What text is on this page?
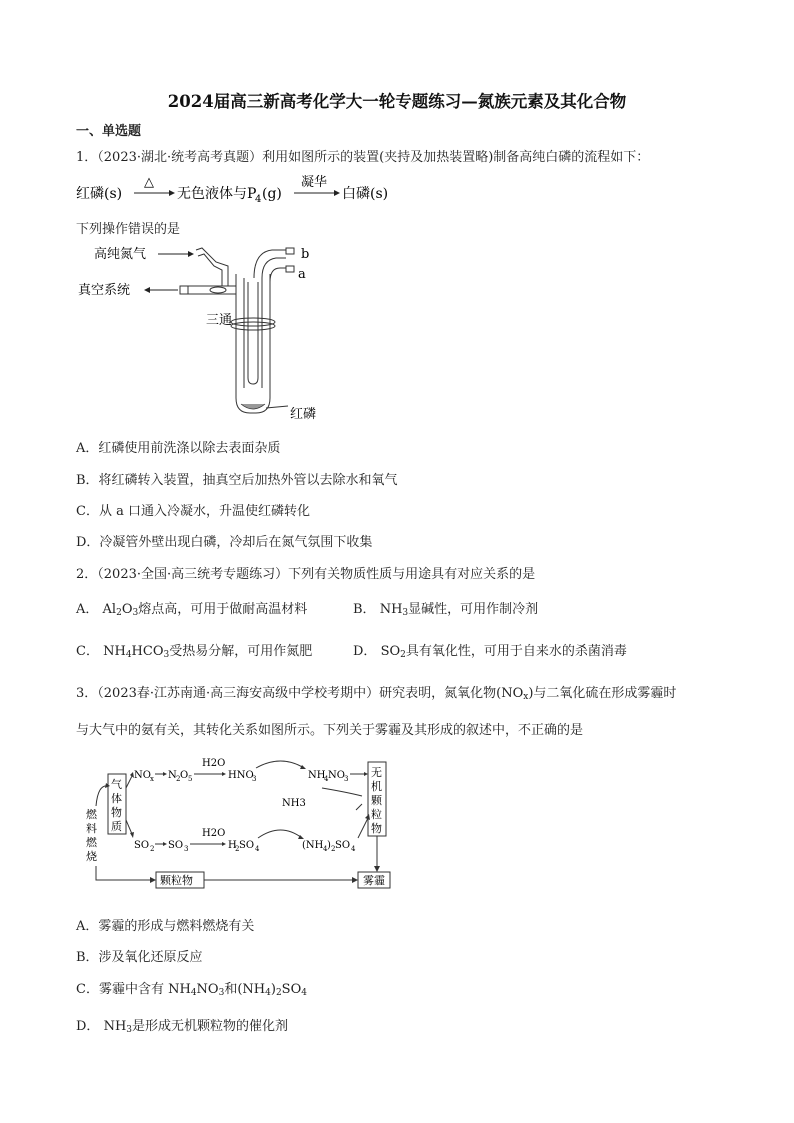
2024届高三新高考化学大一轮专题练习—氮族元素及其化合物
一、单选题
1．（2023·湖北·统考高考真题）利用如图所示的装置(夹持及加热装置略)制备高纯白磷的流程如下：
红磷(s)
△
无色液体与P
4 (g)
凝华
白磷(s)
下列操作错误的是
高纯氮气
真空系统
三通
b
a
红磷
A．红磷使用前洗涤以除去表面杂质
B．将红磷转入装置，抽真空后加热外管以去除水和氧气
C．从 a 口通入冷凝水，升温使红磷转化
D．冷凝管外壁出现白磷，冷却后在氮气氛围下收集
2．（2023·全国·高三统考专题练习）下列有关物质性质与用途具有对应关系的是
A． $Al_2O_3$熔点高，可用于做耐高温材料	B． $NH_3$显碱性，可用作制冷剂
C． $NH_4HCO_3$受热易分解，可用作氮肥	D． $SO_2$具有氧化性，可用于自来水的杀菌消毒
3．（2023春·江苏南通·高三海安高级中学校考期中）研究表明，氮氧化物$(NO_x)$与二氧化硫在形成雾霾时
与大气中的氨有关，其转化关系如图所示。下列关于雾霾及其形成的叙述中，不正确的是
气
体
物
质
燃
料
燃
烧
颗粒物	雾霾
无
机
颗
粒
物
NO x N 2 O 5
H2O
HNO
3	NH
4 NO 3
NH3
SO 2 SO 3
H2O
H
2 SO 4	(NH 4 ) 2 SO 4
A．雾霾的形成与燃料燃烧有关
B．涉及氧化还原反应
C．雾霾中含有 $NH_4NO_3$和$(NH_4)_2SO_4$
D． $NH_3$是形成无机颗粒物的催化剂
